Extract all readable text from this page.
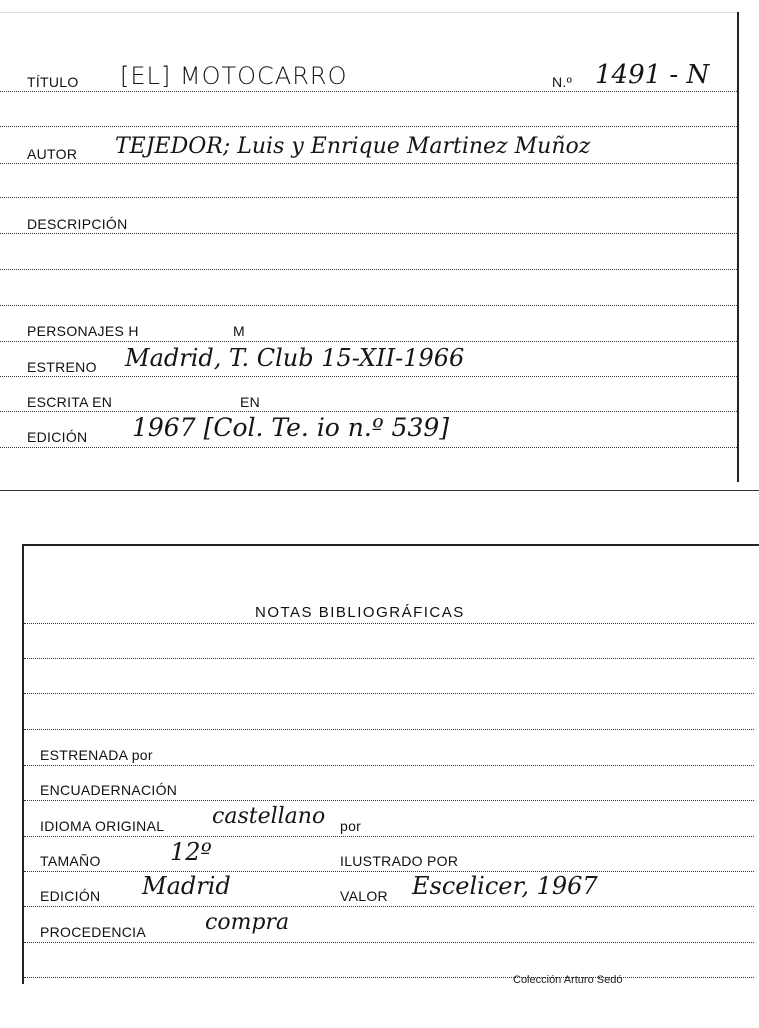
TÍTULO [EL] MOTOCARRO	N.º 1491 - N
AUTOR TEJEDOR; Luis y Enrique Martinez Muñoz
DESCRIPCIÓN
PERSONAJES H	M
ESTRENO Madrid, T. Club 15-XII-1966
ESCRITA EN	EN
EDICIÓN 1967 [Col. Te. io n.º 539]
NOTAS BIBLIOGRÁFICAS
ESTRENADA por
ENCUADERNACIÓN
IDIOMA ORIGINAL castellano por
TAMAÑO	12º	ILUSTRADO POR
EDICIÓN Madrid	VALOR Escelicer, 1967
PROCEDENCIA	compra
Colección Arturo Sedó
